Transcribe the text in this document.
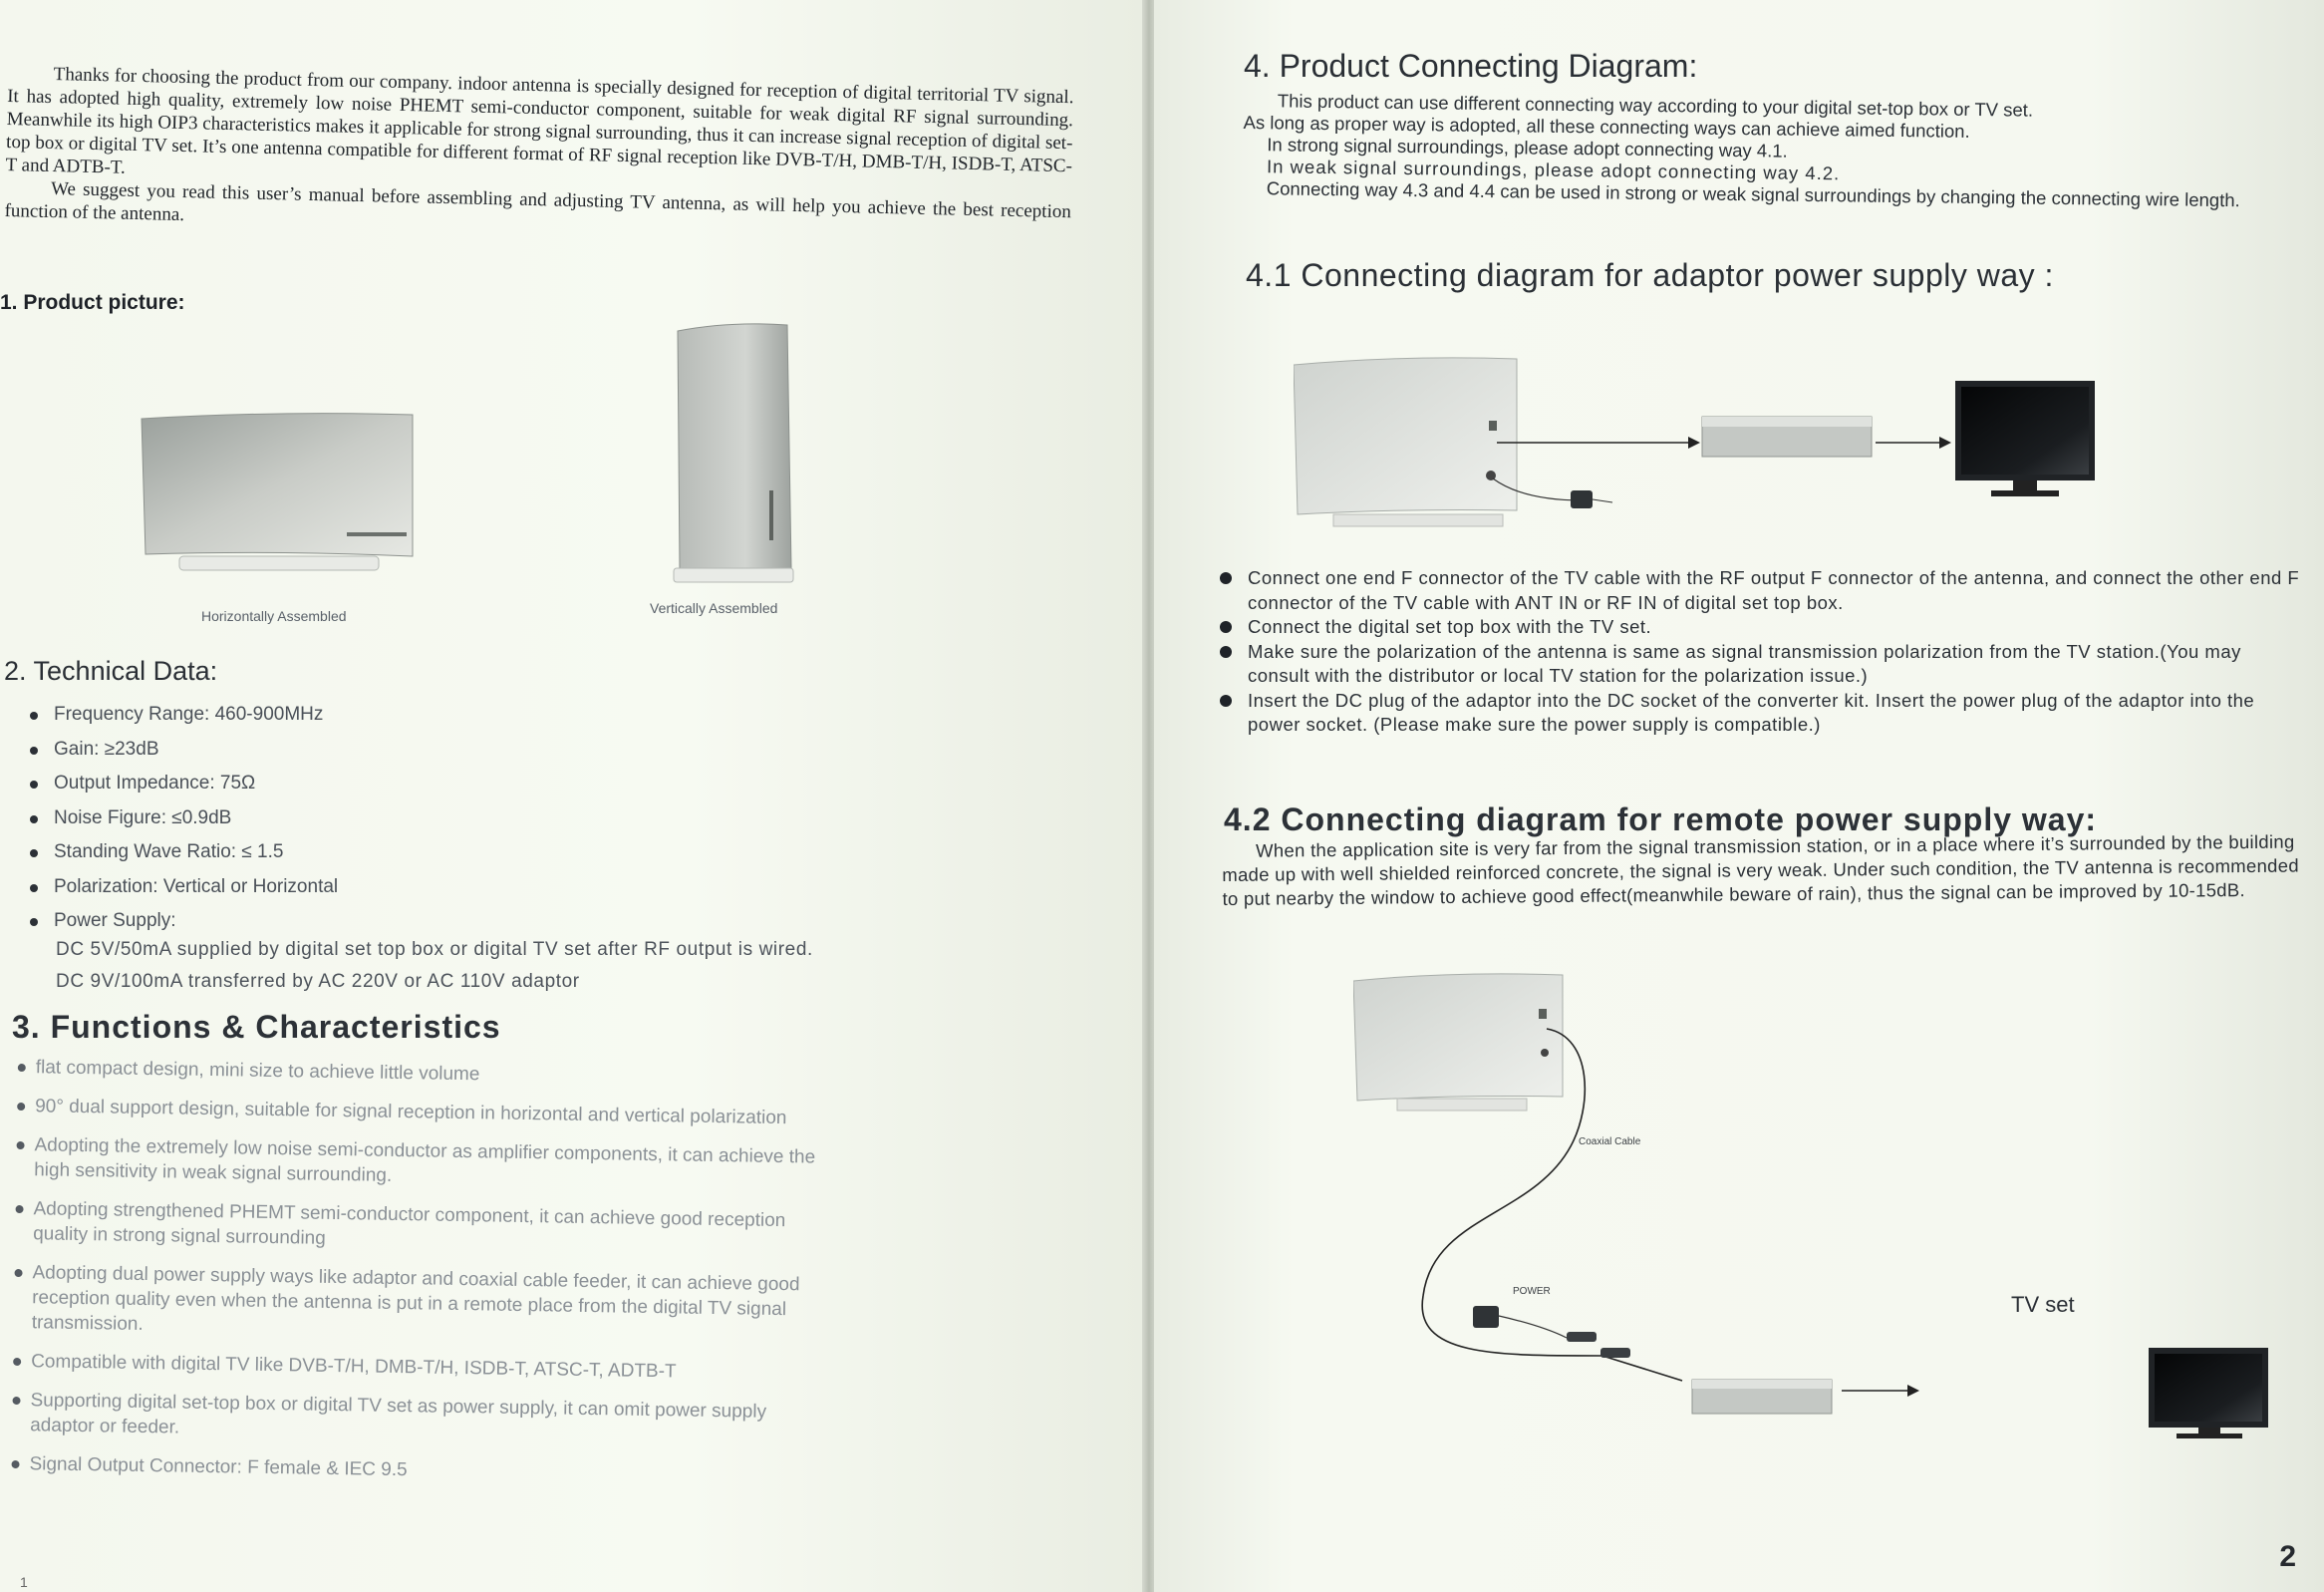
Thanks for choosing the product from our company. indoor antenna is specially designed for reception of digital territorial TV signal. It has adopted high quality, extremely low noise PHEMT semi-conductor component, suitable for weak digital RF signal surrounding. Meanwhile its high OIP3 characteristics makes it applicable for strong signal surrounding, thus it can increase signal reception of digital set-top box or digital TV set. It’s one antenna compatible for different format of RF signal reception like DVB-T/H, DMB-T/H, ISDB-T, ATSC-T and ADTB-T.

We suggest you read this user’s manual before assembling and adjusting TV antenna, as will help you achieve the best reception function of the antenna.

1. Product picture:
Horizontally Assembled	Vertically Assembled
2. Technical Data:
Frequency Range: 460-900MHz
Gain: ≥23dB
Output Impedance: 75Ω
Noise Figure: ≤0.9dB
Standing Wave Ratio: ≤ 1.5
Polarization: Vertical or Horizontal
Power Supply:
DC 5V/50mA supplied by digital set top box or digital TV set after RF output is wired.
DC 9V/100mA transferred by AC 220V or AC 110V adaptor
3. Functions & Characteristics
flat compact design, mini size to achieve little volume
90° dual support design, suitable for signal reception in horizontal and vertical polarization
Adopting the extremely low noise semi-conductor as amplifier components, it can achieve the high sensitivity in weak signal surrounding.
Adopting strengthened PHEMT semi-conductor component, it can achieve good reception quality in strong signal surrounding
Adopting dual power supply ways like adaptor and coaxial cable feeder, it can achieve good reception quality even when the antenna is put in a remote place from the digital TV signal transmission.
Compatible with digital TV like DVB-T/H, DMB-T/H, ISDB-T, ATSC-T, ADTB-T
Supporting digital set-top box or digital TV set as power supply, it can omit power supply adaptor or feeder.
Signal Output Connector: F female & IEC 9.5
1
4. Product Connecting Diagram:

This product can use different connecting way according to your digital set-top box or TV set.

As long as proper way is adopted, all these connecting ways can achieve aimed function.

In strong signal surroundings, please adopt connecting way 4.1.

In weak signal surroundings, please adopt connecting way 4.2.

Connecting way 4.3 and 4.4 can be used in strong or weak signal surroundings by changing the connecting wire length.

4.1 Connecting diagram for adaptor power supply way :
Connect one end F connector of the TV cable with the RF output F connector of the antenna, and connect the other end F connector of the TV cable with ANT IN or RF IN of digital set top box.
Connect the digital set top box with the TV set.
Make sure the polarization of the antenna is same as signal transmission polarization from the TV station.(You may consult with the distributor or local TV station for the polarization issue.)
Insert the DC plug of the adaptor into the DC socket of the converter kit. Insert the power plug of the adaptor into the power socket. (Please make sure the power supply is compatible.)
4.2 Connecting diagram for remote power supply way:

When the application site is very far from the signal transmission station, or in a place where it’s surrounded by the building made up with well shielded reinforced concrete, the signal is very weak. Under such condition, the TV antenna is recommended to put nearby the window to achieve good effect(meanwhile beware of rain), thus the signal can be improved by 10-15dB.

Coaxial Cable
POWER
TV set
2
